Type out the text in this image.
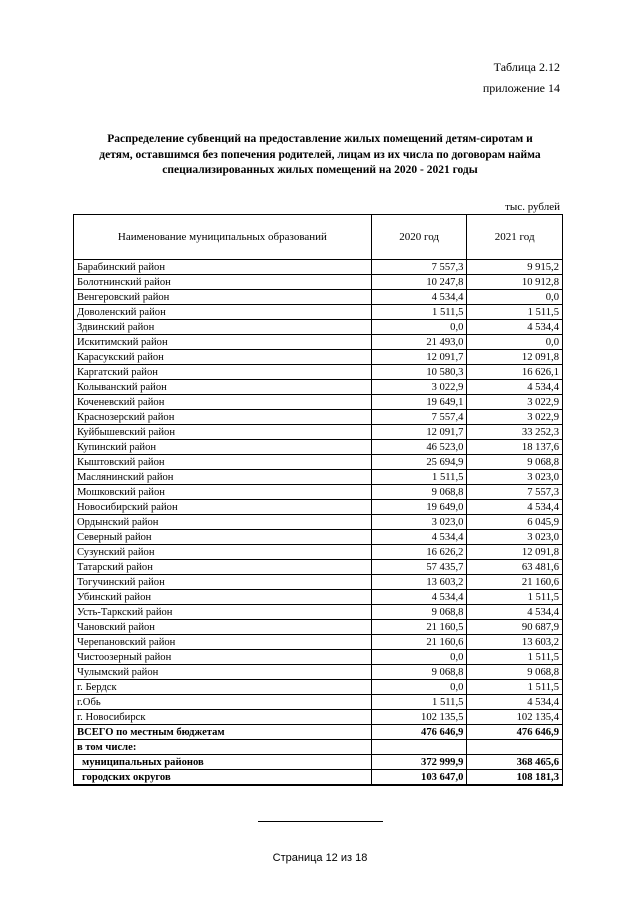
Таблица 2.12
приложение 14
Распределение субвенций на предоставление жилых помещений детям-сиротам и
детям, оставшимся без попечения родителей, лицам из их числа по договорам найма
специализированных жилых помещений на 2020 - 2021 годы
тыс. рублей
Наименование муниципальных образований	2020 год	2021 год
Барабинский район	7 557,3	9 915,2
Болотнинский район	10 247,8	10 912,8
Венгеровский район	4 534,4	0,0
Доволенский район	1 511,5	1 511,5
Здвинский район	0,0	4 534,4
Искитимский район	21 493,0	0,0
Карасукский район	12 091,7	12 091,8
Каргатский район	10 580,3	16 626,1
Колыванский район	3 022,9	4 534,4
Коченевский район	19 649,1	3 022,9
Краснозерский район	7 557,4	3 022,9
Куйбышевский район	12 091,7	33 252,3
Купинский район	46 523,0	18 137,6
Кыштовский район	25 694,9	9 068,8
Маслянинский район	1 511,5	3 023,0
Мошковский район	9 068,8	7 557,3
Новосибирский район	19 649,0	4 534,4
Ордынский район	3 023,0	6 045,9
Северный район	4 534,4	3 023,0
Сузунский район	16 626,2	12 091,8
Татарский район	57 435,7	63 481,6
Тогучинский район	13 603,2	21 160,6
Убинский район	4 534,4	1 511,5
Усть-Таркский район	9 068,8	4 534,4
Чановский район	21 160,5	90 687,9
Черепановский район	21 160,6	13 603,2
Чистоозерный район	0,0	1 511,5
Чулымский район	9 068,8	9 068,8
г. Бердск	0,0	1 511,5
г.Обь	1 511,5	4 534,4
г. Новосибирск	102 135,5	102 135,4
ВСЕГО по местным бюджетам	476 646,9	476 646,9
в том числе:		
муниципальных районов	372 999,9	368 465,6
городских округов	103 647,0	108 181,3
Страница 12 из 18
